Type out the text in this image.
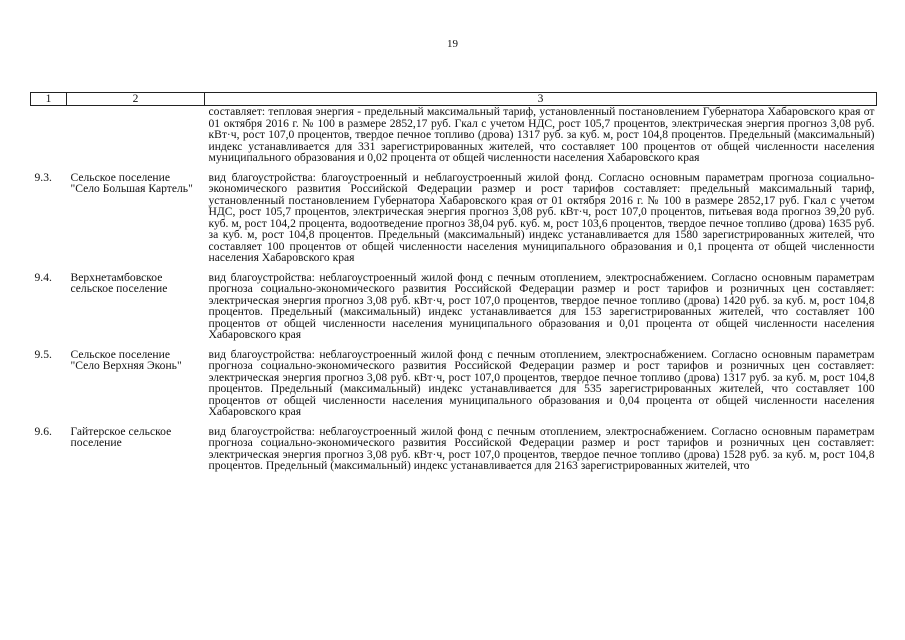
19
1	2	3
		составляет: тепловая энергия - предельный максимальный тариф, установленный постановлением Губернатора Хабаровского края от 01 октября 2016 г. № 100 в размере 2852,17 руб. Гкал с учетом НДС, рост 105,7 процентов, электрическая энергия прогноз 3,08 руб. кВт·ч, рост 107,0 процентов, твердое печное топливо (дрова) 1317 руб. за куб. м, рост 104,8 процентов. Предельный (максимальный) индекс устанавливается для 331 зарегистрированных жителей, что составляет 100 процентов от общей численности населения муниципального образования и 0,02 процента от общей численности населения Хабаровского края
9.3.	Сельское поселение "Село Большая Картель"	вид благоустройства: благоустроенный и неблагоустроенный жилой фонд. Согласно основным параметрам прогноза социально-экономического развития Российской Федерации размер и рост тарифов составляет: предельный максимальный тариф, установленный постановлением Губернатора Хабаровского края от 01 октября 2016 г. № 100 в размере 2852,17 руб. Гкал с учетом НДС, рост 105,7 процентов, электрическая энергия прогноз 3,08 руб. кВт·ч, рост 107,0 процентов, питьевая вода прогноз 39,20 руб. куб. м, рост 104,2 процента, водоотведение прогноз 38,04 руб. куб. м, рост 103,6 процентов, твердое печное топливо (дрова) 1635 руб. за куб. м, рост 104,8 процентов. Предельный (максимальный) индекс устанавливается для 1580 зарегистрированных жителей, что составляет 100 процентов от общей численности населения муниципального образования и 0,1 процента от общей численности населения Хабаровского края
9.4.	Верхнетамбовское сельское поселение	вид благоустройства: неблагоустроенный жилой фонд с печным отоплением, электроснабжением. Согласно основным параметрам прогноза социально-экономического развития Российской Федерации размер и рост тарифов и розничных цен составляет: электрическая энергия прогноз 3,08 руб. кВт·ч, рост 107,0 процентов, твердое печное топливо (дрова) 1420 руб. за куб. м, рост 104,8 процентов. Предельный (максимальный) индекс устанавливается для 153 зарегистрированных жителей, что составляет 100 процентов от общей численности населения муниципального образования и 0,01 процента от общей численности населения Хабаровского края
9.5.	Сельское поселение "Село Верхняя Эконь"	вид благоустройства: неблагоустроенный жилой фонд с печным отоплением, электроснабжением. Согласно основным параметрам прогноза социально-экономического развития Российской Федерации размер и рост тарифов и розничных цен составляет: электрическая энергия прогноз 3,08 руб. кВт·ч, рост 107,0 процентов, твердое печное топливо (дрова) 1317 руб. за куб. м, рост 104,8 процентов. Предельный (максимальный) индекс устанавливается для 535 зарегистрированных жителей, что составляет 100 процентов от общей численности населения муниципального образования и 0,04 процента от общей численности населения Хабаровского края
9.6.	Гайтерское сельское поселение	вид благоустройства: неблагоустроенный жилой фонд с печным отоплением, электроснабжением. Согласно основным параметрам прогноза социально-экономического развития Российской Федерации размер и рост тарифов и розничных цен составляет: электрическая энергия прогноз 3,08 руб. кВт·ч, рост 107,0 процентов, твердое печное топливо (дрова) 1528 руб. за куб. м, рост 104,8 процентов. Предельный (максимальный) индекс устанавливается для 2163 зарегистрированных жителей, что
